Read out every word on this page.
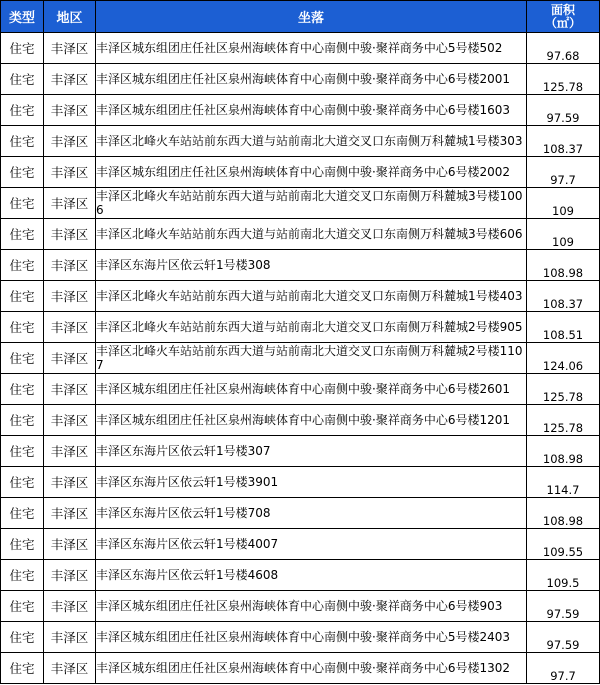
类型	地区	坐落	面积
（㎡）
住宅	丰泽区	丰泽区城东组团庄任社区泉州海峡体育中心南侧中骏·聚祥商务中心5号楼502	97.68
住宅	丰泽区	丰泽区城东组团庄任社区泉州海峡体育中心南侧中骏·聚祥商务中心6号楼2001	125.78
住宅	丰泽区	丰泽区城东组团庄任社区泉州海峡体育中心南侧中骏·聚祥商务中心6号楼1603	97.59
住宅	丰泽区	丰泽区北峰火车站站前东西大道与站前南北大道交叉口东南侧万科麓城1号楼303	108.37
住宅	丰泽区	丰泽区城东组团庄任社区泉州海峡体育中心南侧中骏·聚祥商务中心6号楼2002	97.7
住宅	丰泽区	丰泽区北峰火车站站前东西大道与站前南北大道交叉口东南侧万科麓城3号楼1006	109
住宅	丰泽区	丰泽区北峰火车站站前东西大道与站前南北大道交叉口东南侧万科麓城3号楼606	109
住宅	丰泽区	丰泽区东海片区依云轩1号楼308	108.98
住宅	丰泽区	丰泽区北峰火车站站前东西大道与站前南北大道交叉口东南侧万科麓城1号楼403	108.37
住宅	丰泽区	丰泽区北峰火车站站前东西大道与站前南北大道交叉口东南侧万科麓城2号楼905	108.51
住宅	丰泽区	丰泽区北峰火车站站前东西大道与站前南北大道交叉口东南侧万科麓城2号楼1107	124.06
住宅	丰泽区	丰泽区城东组团庄任社区泉州海峡体育中心南侧中骏·聚祥商务中心6号楼2601	125.78
住宅	丰泽区	丰泽区城东组团庄任社区泉州海峡体育中心南侧中骏·聚祥商务中心6号楼1201	125.78
住宅	丰泽区	丰泽区东海片区依云轩1号楼307	108.98
住宅	丰泽区	丰泽区东海片区依云轩1号楼3901	114.7
住宅	丰泽区	丰泽区东海片区依云轩1号楼708	108.98
住宅	丰泽区	丰泽区东海片区依云轩1号楼4007	109.55
住宅	丰泽区	丰泽区东海片区依云轩1号楼4608	109.5
住宅	丰泽区	丰泽区城东组团庄任社区泉州海峡体育中心南侧中骏·聚祥商务中心6号楼903	97.59
住宅	丰泽区	丰泽区城东组团庄任社区泉州海峡体育中心南侧中骏·聚祥商务中心5号楼2403	97.59
住宅	丰泽区	丰泽区城东组团庄任社区泉州海峡体育中心南侧中骏·聚祥商务中心6号楼1302	97.7
